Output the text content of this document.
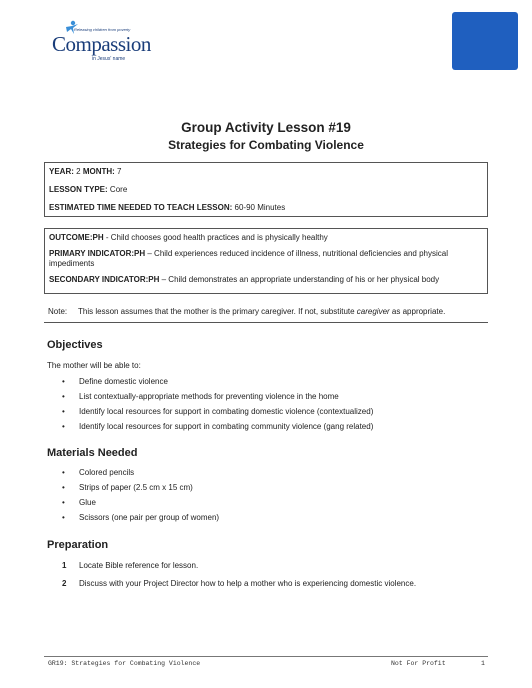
Releasing children from poverty
Compassion
in Jesus' name
Group Activity Lesson #19
Strategies for Combating Violence
YEAR: 2 MONTH: 7
LESSON TYPE: Core
ESTIMATED TIME NEEDED TO TEACH LESSON: 60-90 Minutes
OUTCOME:PH - Child chooses good health practices and is physically healthy
PRIMARY INDICATOR:PH – Child experiences reduced incidence of illness, nutritional deficiencies and physical impediments
SECONDARY INDICATOR:PH – Child demonstrates an appropriate understanding of his or her physical body
Note: This lesson assumes that the mother is the primary caregiver. If not, substitute caregiver as appropriate.
Objectives
The mother will be able to:
• Define domestic violence
• List contextually-appropriate methods for preventing violence in the home
• Identify local resources for support in combating domestic violence (contextualized)
• Identify local resources for support in combating community violence (gang related)
Materials Needed
• Colored pencils
• Strips of paper (2.5 cm x 15 cm)
• Glue
• Scissors (one pair per group of women)
Preparation
1 Locate Bible reference for lesson.
2 Discuss with your Project Director how to help a mother who is experiencing domestic violence.
GR19: Strategies for Combating Violence	Not For Profit	1
